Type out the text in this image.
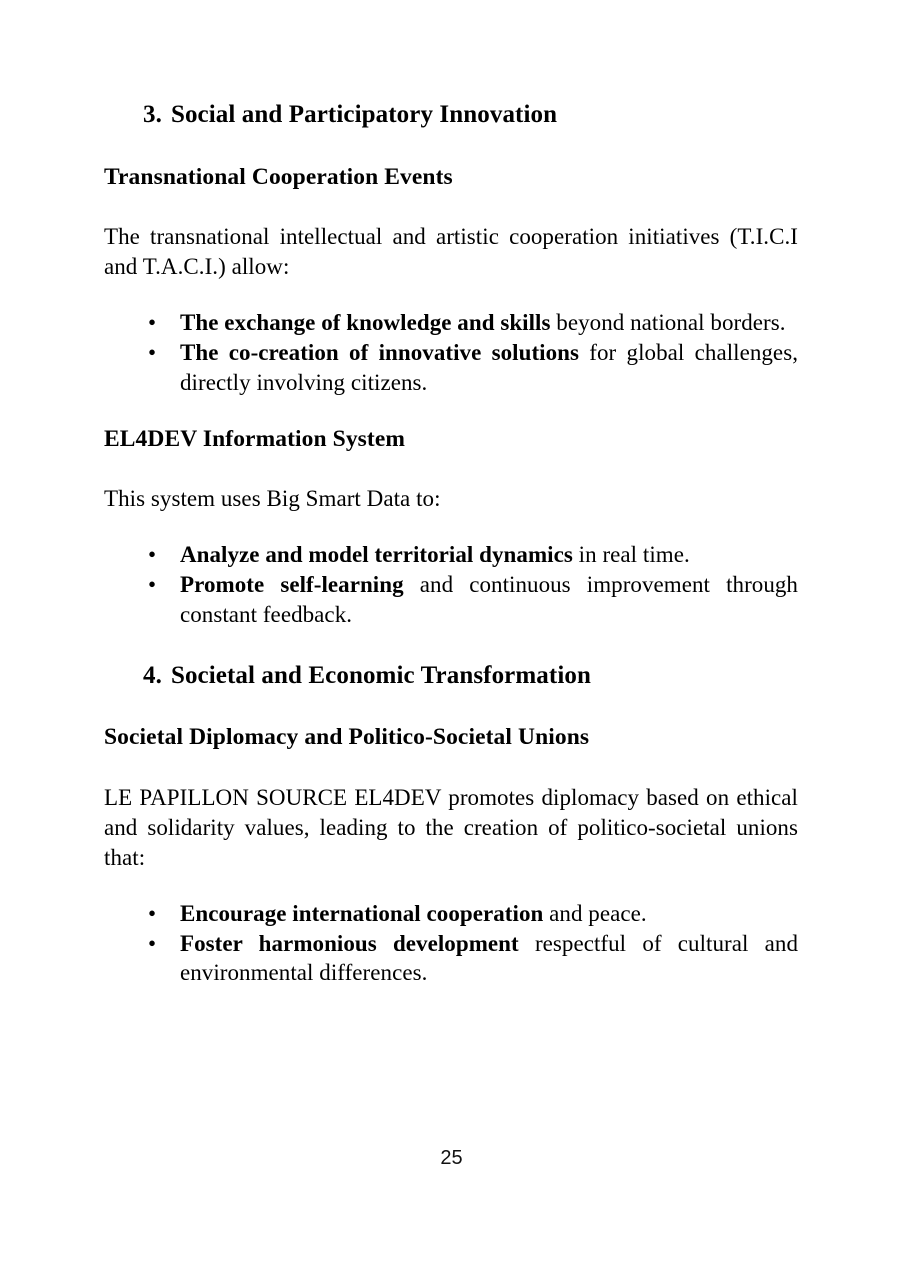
3. Social and Participatory Innovation
Transnational Cooperation Events

The transnational intellectual and artistic cooperation initiatives (T.I.C.I and T.A.C.I.) allow:

• The exchange of knowledge and skills beyond national borders.
• The co-creation of innovative solutions for global challenges, directly involving citizens.
EL4DEV Information System

This system uses Big Smart Data to:

• Analyze and model territorial dynamics in real time.
• Promote self-learning and continuous improvement through constant feedback.
4. Societal and Economic Transformation
Societal Diplomacy and Politico-Societal Unions

LE PAPILLON SOURCE EL4DEV promotes diplomacy based on ethical and solidarity values, leading to the creation of politico-societal unions that:

• Encourage international cooperation and peace.
• Foster harmonious development respectful of cultural and environmental differences.
25
